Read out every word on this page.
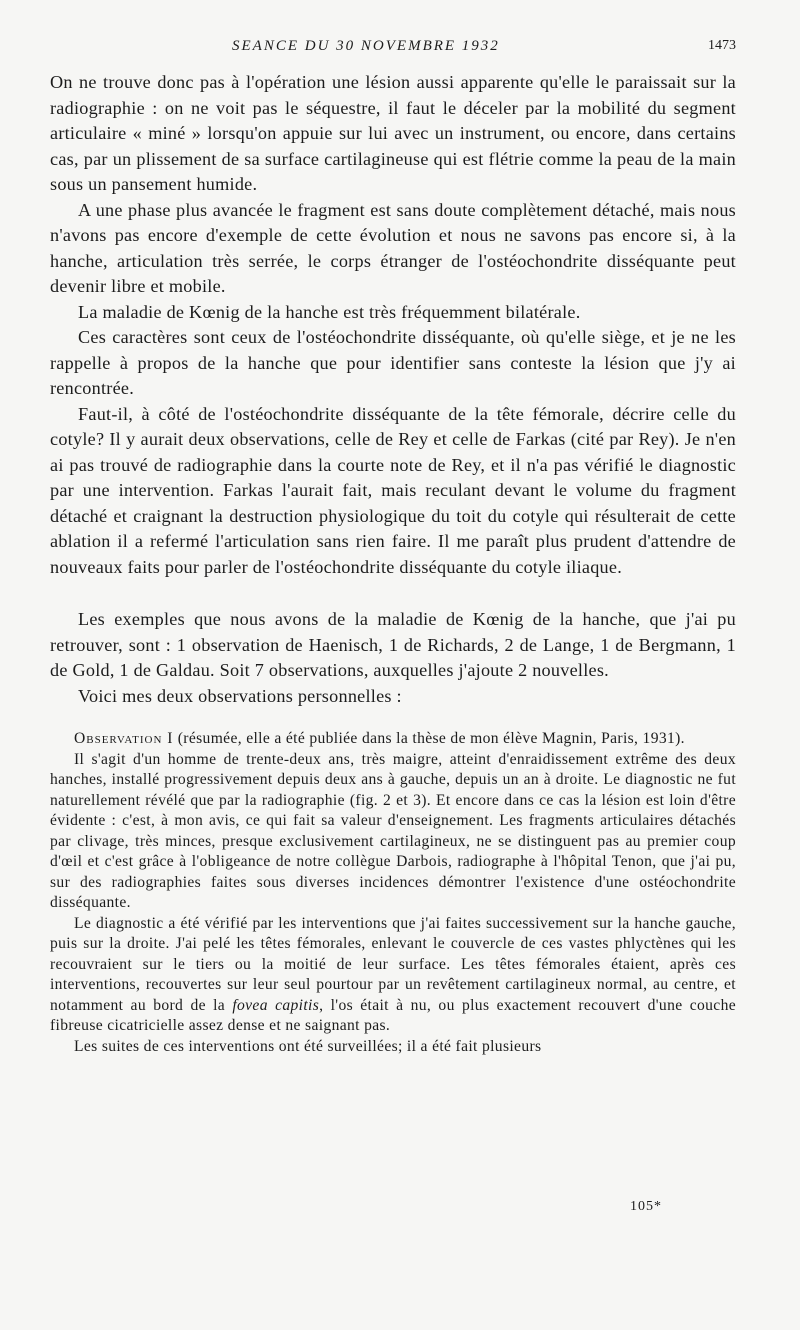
SEANCE DU 30 NOVEMBRE 1932	1473

On ne trouve donc pas à l'opération une lésion aussi apparente qu'elle le paraissait sur la radiographie : on ne voit pas le séquestre, il faut le déceler par la mobilité du segment articulaire « miné » lorsqu'on appuie sur lui avec un instrument, ou encore, dans certains cas, par un plissement de sa surface cartilagineuse qui est flétrie comme la peau de la main sous un pansement humide.

A une phase plus avancée le fragment est sans doute complètement détaché, mais nous n'avons pas encore d'exemple de cette évolution et nous ne savons pas encore si, à la hanche, articulation très serrée, le corps étranger de l'ostéochondrite disséquante peut devenir libre et mobile.

La maladie de Kœnig de la hanche est très fréquemment bilatérale.

Ces caractères sont ceux de l'ostéochondrite disséquante, où qu'elle siège, et je ne les rappelle à propos de la hanche que pour identifier sans conteste la lésion que j'y ai rencontrée.

Faut-il, à côté de l'ostéochondrite disséquante de la tête fémorale, décrire celle du cotyle? Il y aurait deux observations, celle de Rey et celle de Farkas (cité par Rey). Je n'en ai pas trouvé de radiographie dans la courte note de Rey, et il n'a pas vérifié le diagnostic par une intervention. Farkas l'aurait fait, mais reculant devant le volume du fragment détaché et craignant la destruction physiologique du toit du cotyle qui résulterait de cette ablation il a refermé l'articulation sans rien faire. Il me paraît plus prudent d'attendre de nouveaux faits pour parler de l'ostéochondrite disséquante du cotyle iliaque.

Les exemples que nous avons de la maladie de Kœnig de la hanche, que j'ai pu retrouver, sont : 1 observation de Haenisch, 1 de Richards, 2 de Lange, 1 de Bergmann, 1 de Gold, 1 de Galdau. Soit 7 observations, auxquelles j'ajoute 2 nouvelles.

Voici mes deux observations personnelles :

Observation I (résumée, elle a été publiée dans la thèse de mon élève Magnin, Paris, 1931).

Il s'agit d'un homme de trente-deux ans, très maigre, atteint d'enraidissement extrême des deux hanches, installé progressivement depuis deux ans à gauche, depuis un an à droite. Le diagnostic ne fut naturellement révélé que par la radiographie (fig. 2 et 3). Et encore dans ce cas la lésion est loin d'être évidente : c'est, à mon avis, ce qui fait sa valeur d'enseignement. Les fragments articulaires détachés par clivage, très minces, presque exclusivement cartilagineux, ne se distinguent pas au premier coup d'œil et c'est grâce à l'obligeance de notre collègue Darbois, radiographe à l'hôpital Tenon, que j'ai pu, sur des radiographies faites sous diverses incidences démontrer l'existence d'une ostéochondrite disséquante.

Le diagnostic a été vérifié par les interventions que j'ai faites successivement sur la hanche gauche, puis sur la droite. J'ai pelé les têtes fémorales, enlevant le couvercle de ces vastes phlyctènes qui les recouvraient sur le tiers ou la moitié de leur surface. Les têtes fémorales étaient, après ces interventions, recouvertes sur leur seul pourtour par un revêtement cartilagineux normal, au centre, et notamment au bord de la fovea capitis, l'os était à nu, ou plus exactement recouvert d'une couche fibreuse cicatricielle assez dense et ne saignant pas.

Les suites de ces interventions ont été surveillées; il a été fait plusieurs

105*
